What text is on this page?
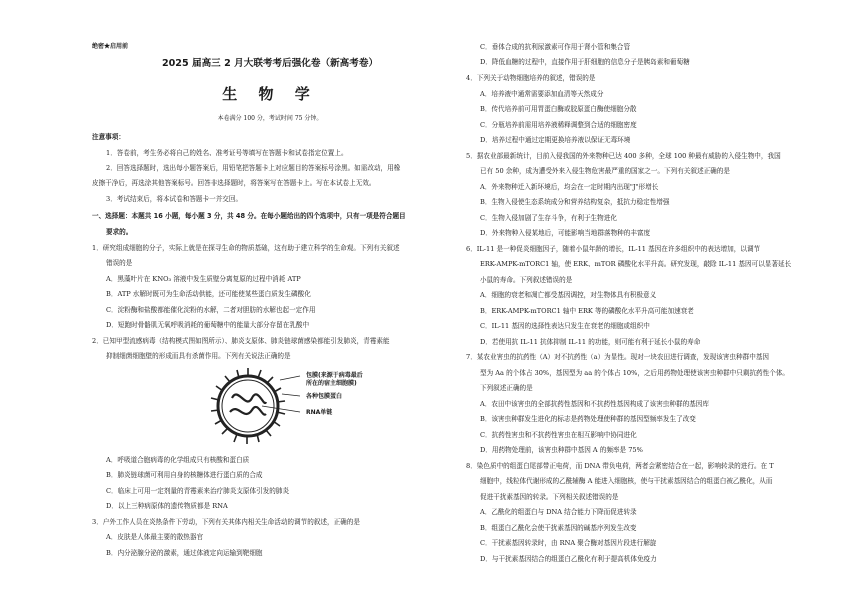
绝密★启用前
2025 届高三 2 月大联考考后强化卷（新高考卷）
生 物 学
本卷满分 100 分，考试时间 75 分钟。
注意事项：
1．答卷前，考生务必将自己的姓名、准考证号等填写在答题卡和试卷指定位置上。
2．回答选择题时，选出每小题答案后，用铅笔把答题卡上对应题目的答案标号涂黑。如需改动，用橡
皮擦干净后，再选涂其他答案标号。回答非选择题时，将答案写在答题卡上。写在本试卷上无效。
3．考试结束后，将本试卷和答题卡一并交回。
一、选择题：本题共 16 小题，每小题 3 分，共 48 分。在每小题给出的四个选项中，只有一项是符合题目
要求的。
1．研究组成细胞的分子，实际上就是在探寻生命的物质基础，这有助于建立科学的生命观。下列有关叙述
错误的是
A．黑藻叶片在 KNO₃ 溶液中发生质壁分离复原的过程中消耗 ATP
B．ATP 水解时既可为生命活动供能，还可能使某些蛋白质发生磷酸化
C．淀粉酶和盐酸都能催化淀粉的水解，二者对胆肪的水解也起一定作用
D．短跑时骨骼肌无氧呼吸消耗的葡萄糖中的能量大部分存留在乳酸中
2．已知甲型流感病毒（结构模式图如图所示）、肺炎支原体、肺炎链球菌感染都能引发肺炎，青霉素能
抑制细菌细胞壁的形成而具有杀菌作用。下列有关说法正确的是
包膜(来源于病毒最后
所在的宿主细胞膜)
各种包膜蛋白
RNA单链
A．呼吸道合胞病毒的化学组成只有核酸和蛋白质
B．肺炎链球菌可利用自身的核糖体进行蛋白质的合成
C．临床上可用一定剂量的青霉素来治疗肺炎支原体引发的肺炎
D．以上三种病原体的遗传物质都是 RNA
3．户外工作人员在炎热条件下劳动，下列有关其体内相关生命活动的调节的叙述，正确的是
A．皮肤是人体最主要的散热器官
B．内分泌腺分泌的激素，通过体液定向运输到靶细胞
C．垂体合成的抗利尿激素可作用于肾小管和集合管
D．降低血糖的过程中，直接作用于肝细胞的信息分子是胰岛素和葡萄糖
4．下列关于动物细胞培养的叙述，错误的是
A．培养液中通常需要添加血清等天然成分
B．传代培养前可用胃蛋白酶或胶原蛋白酶使细胞分散
C．分瓶培养前需用培养液稀释调整到合适的细胞密度
D．培养过程中通过定期更换培养液以保证无毒环境
5．据农业部最新统计，目前入侵我国的外来物种已达 400 多种，全球 100 种最有威胁的入侵生物中，我国
已有 50 余种，成为遭受外来入侵生物危害最严重的国家之一。下列有关叙述正确的是
A．外来物种迁入新环境后，均会在一定时期内出现"J"形增长
B．生物入侵使生态系统成分和营养结构复杂，抵抗力稳定性增强
C．生物入侵加剧了生存斗争，有利于生物进化
D．外来物种入侵某地后，可能影响当地群落物种的丰富度
6．IL-11 是一种促炎细胞因子，随着小鼠年龄的增长，IL-11 基因在许多组织中的表达增加，以调节
ERK-AMPK-mTORC1 轴，使 ERK、mTOR 磷酸化水平升高。研究发现，敲除 IL-11 基因可以显著延长
小鼠的寿命。下列叙述错误的是
A．细胞的衰老和凋亡都受基因调控，对生物体具有积极意义
B．ERK-AMPK-mTORC1 轴中 ERK 等的磷酸化水平升高可能加速衰老
C．IL-11 基因的选择性表达只发生在衰老的细胞或组织中
D．若使用抗 IL-11 抗体抑制 IL-11 的功能，则可能有利于延长小鼠的寿命
7．某农业害虫的抗药性（A）对不抗药性（a）为显性。现对一块农田进行调查，发现该害虫种群中基因
型为 Aa 的个体占 30%，基因型为 aa 的个体占 10%，之后用药物处理使该害虫种群中只剩抗药性个体。
下列叙述正确的是
A．农田中该害虫的全部抗药性基因和不抗药性基因构成了该害虫种群的基因库
B．该害虫种群发生进化的标志是药物处理使种群的基因型频率发生了改变
C．抗药性害虫和不抗药性害虫在相互影响中协同进化
D．用药物处理前，该害虫种群中基因 A 的频率是 75%
8．染色质中的组蛋白尾部带正电荷，而 DNA 带负电荷，两者会紧密结合在一起，影响转录的进行。在 T
细胞中，线粒体代谢形成的乙酰辅酶 A 能进入细胞核，使与干扰素基因结合的组蛋白被乙酰化，从而
促进干扰素基因的转录。下列相关叙述错误的是
A．乙酰化的组蛋白与 DNA 结合能力下降而促进转录
B．组蛋白乙酰化会使干扰素基因的碱基序列发生改变
C．干扰素基因转录时，由 RNA 聚合酶对基因片段进行解旋
D．与干扰素基因结合的组蛋白乙酰化有利于提高机体免疫力
